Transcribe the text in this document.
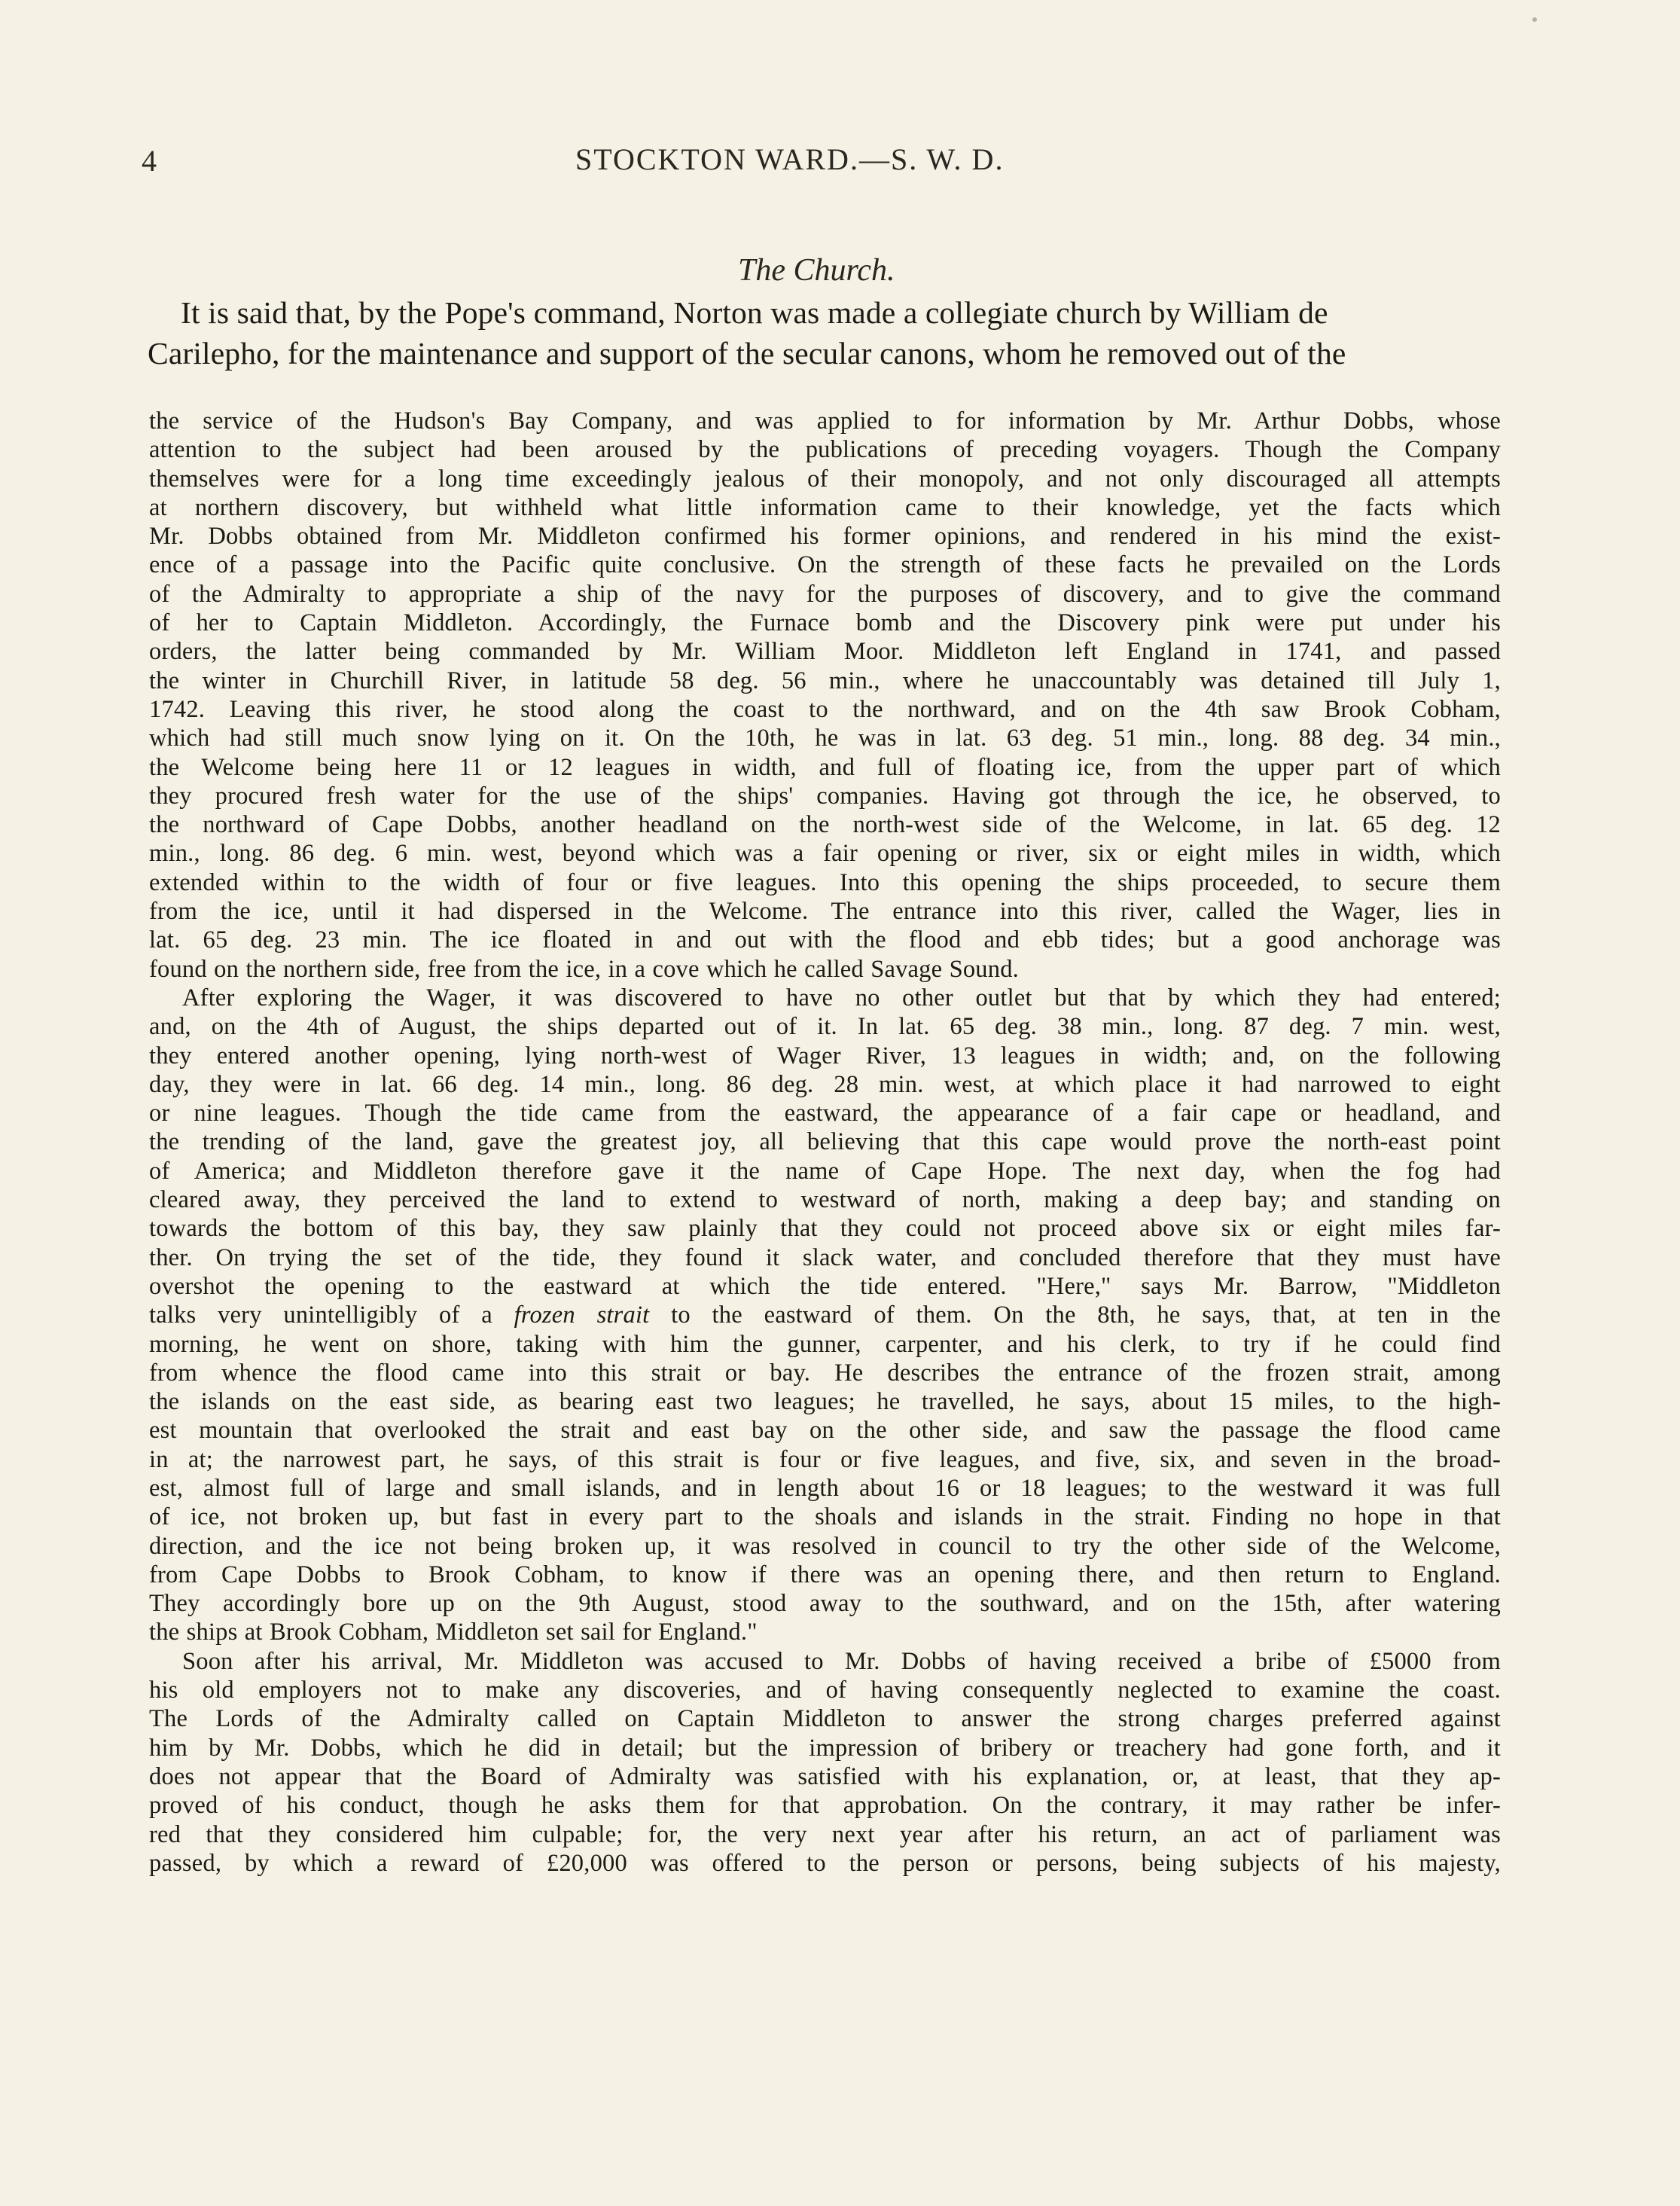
4	STOCKTON WARD.—S. W. D.
The Church.
It is said that, by the Pope's command, Norton was made a collegiate church by William de
Carilepho, for the maintenance and support of the secular canons, whom he removed out of the
the service of the Hudson's Bay Company, and was applied to for information by Mr. Arthur Dobbs, whose
attention to the subject had been aroused by the publications of preceding voyagers. Though the Company
themselves were for a long time exceedingly jealous of their monopoly, and not only discouraged all attempts
at northern discovery, but withheld what little information came to their knowledge, yet the facts which
Mr. Dobbs obtained from Mr. Middleton confirmed his former opinions, and rendered in his mind the exist-
ence of a passage into the Pacific quite conclusive. On the strength of these facts he prevailed on the Lords
of the Admiralty to appropriate a ship of the navy for the purposes of discovery, and to give the command
of her to Captain Middleton. Accordingly, the Furnace bomb and the Discovery pink were put under his
orders, the latter being commanded by Mr. William Moor. Middleton left England in 1741, and passed
the winter in Churchill River, in latitude 58 deg. 56 min., where he unaccountably was detained till July 1,
1742. Leaving this river, he stood along the coast to the northward, and on the 4th saw Brook Cobham,
which had still much snow lying on it. On the 10th, he was in lat. 63 deg. 51 min., long. 88 deg. 34 min.,
the Welcome being here 11 or 12 leagues in width, and full of floating ice, from the upper part of which
they procured fresh water for the use of the ships' companies. Having got through the ice, he observed, to
the northward of Cape Dobbs, another headland on the north-west side of the Welcome, in lat. 65 deg. 12
min., long. 86 deg. 6 min. west, beyond which was a fair opening or river, six or eight miles in width, which
extended within to the width of four or five leagues. Into this opening the ships proceeded, to secure them
from the ice, until it had dispersed in the Welcome. The entrance into this river, called the Wager, lies in
lat. 65 deg. 23 min. The ice floated in and out with the flood and ebb tides; but a good anchorage was
found on the northern side, free from the ice, in a cove which he called Savage Sound.
After exploring the Wager, it was discovered to have no other outlet but that by which they had entered;
and, on the 4th of August, the ships departed out of it. In lat. 65 deg. 38 min., long. 87 deg. 7 min. west,
they entered another opening, lying north-west of Wager River, 13 leagues in width; and, on the following
day, they were in lat. 66 deg. 14 min., long. 86 deg. 28 min. west, at which place it had narrowed to eight
or nine leagues. Though the tide came from the eastward, the appearance of a fair cape or headland, and
the trending of the land, gave the greatest joy, all believing that this cape would prove the north-east point
of America; and Middleton therefore gave it the name of Cape Hope. The next day, when the fog had
cleared away, they perceived the land to extend to westward of north, making a deep bay; and standing on
towards the bottom of this bay, they saw plainly that they could not proceed above six or eight miles far-
ther. On trying the set of the tide, they found it slack water, and concluded therefore that they must have
overshot the opening to the eastward at which the tide entered. "Here," says Mr. Barrow, "Middleton
talks very unintelligibly of a frozen strait to the eastward of them. On the 8th, he says, that, at ten in the
morning, he went on shore, taking with him the gunner, carpenter, and his clerk, to try if he could find
from whence the flood came into this strait or bay. He describes the entrance of the frozen strait, among
the islands on the east side, as bearing east two leagues; he travelled, he says, about 15 miles, to the high-
est mountain that overlooked the strait and east bay on the other side, and saw the passage the flood came
in at; the narrowest part, he says, of this strait is four or five leagues, and five, six, and seven in the broad-
est, almost full of large and small islands, and in length about 16 or 18 leagues; to the westward it was full
of ice, not broken up, but fast in every part to the shoals and islands in the strait. Finding no hope in that
direction, and the ice not being broken up, it was resolved in council to try the other side of the Welcome,
from Cape Dobbs to Brook Cobham, to know if there was an opening there, and then return to England.
They accordingly bore up on the 9th August, stood away to the southward, and on the 15th, after watering
the ships at Brook Cobham, Middleton set sail for England."
Soon after his arrival, Mr. Middleton was accused to Mr. Dobbs of having received a bribe of £5000 from
his old employers not to make any discoveries, and of having consequently neglected to examine the coast.
The Lords of the Admiralty called on Captain Middleton to answer the strong charges preferred against
him by Mr. Dobbs, which he did in detail; but the impression of bribery or treachery had gone forth, and it
does not appear that the Board of Admiralty was satisfied with his explanation, or, at least, that they ap-
proved of his conduct, though he asks them for that approbation. On the contrary, it may rather be infer-
red that they considered him culpable; for, the very next year after his return, an act of parliament was
passed, by which a reward of £20,000 was offered to the person or persons, being subjects of his majesty,
